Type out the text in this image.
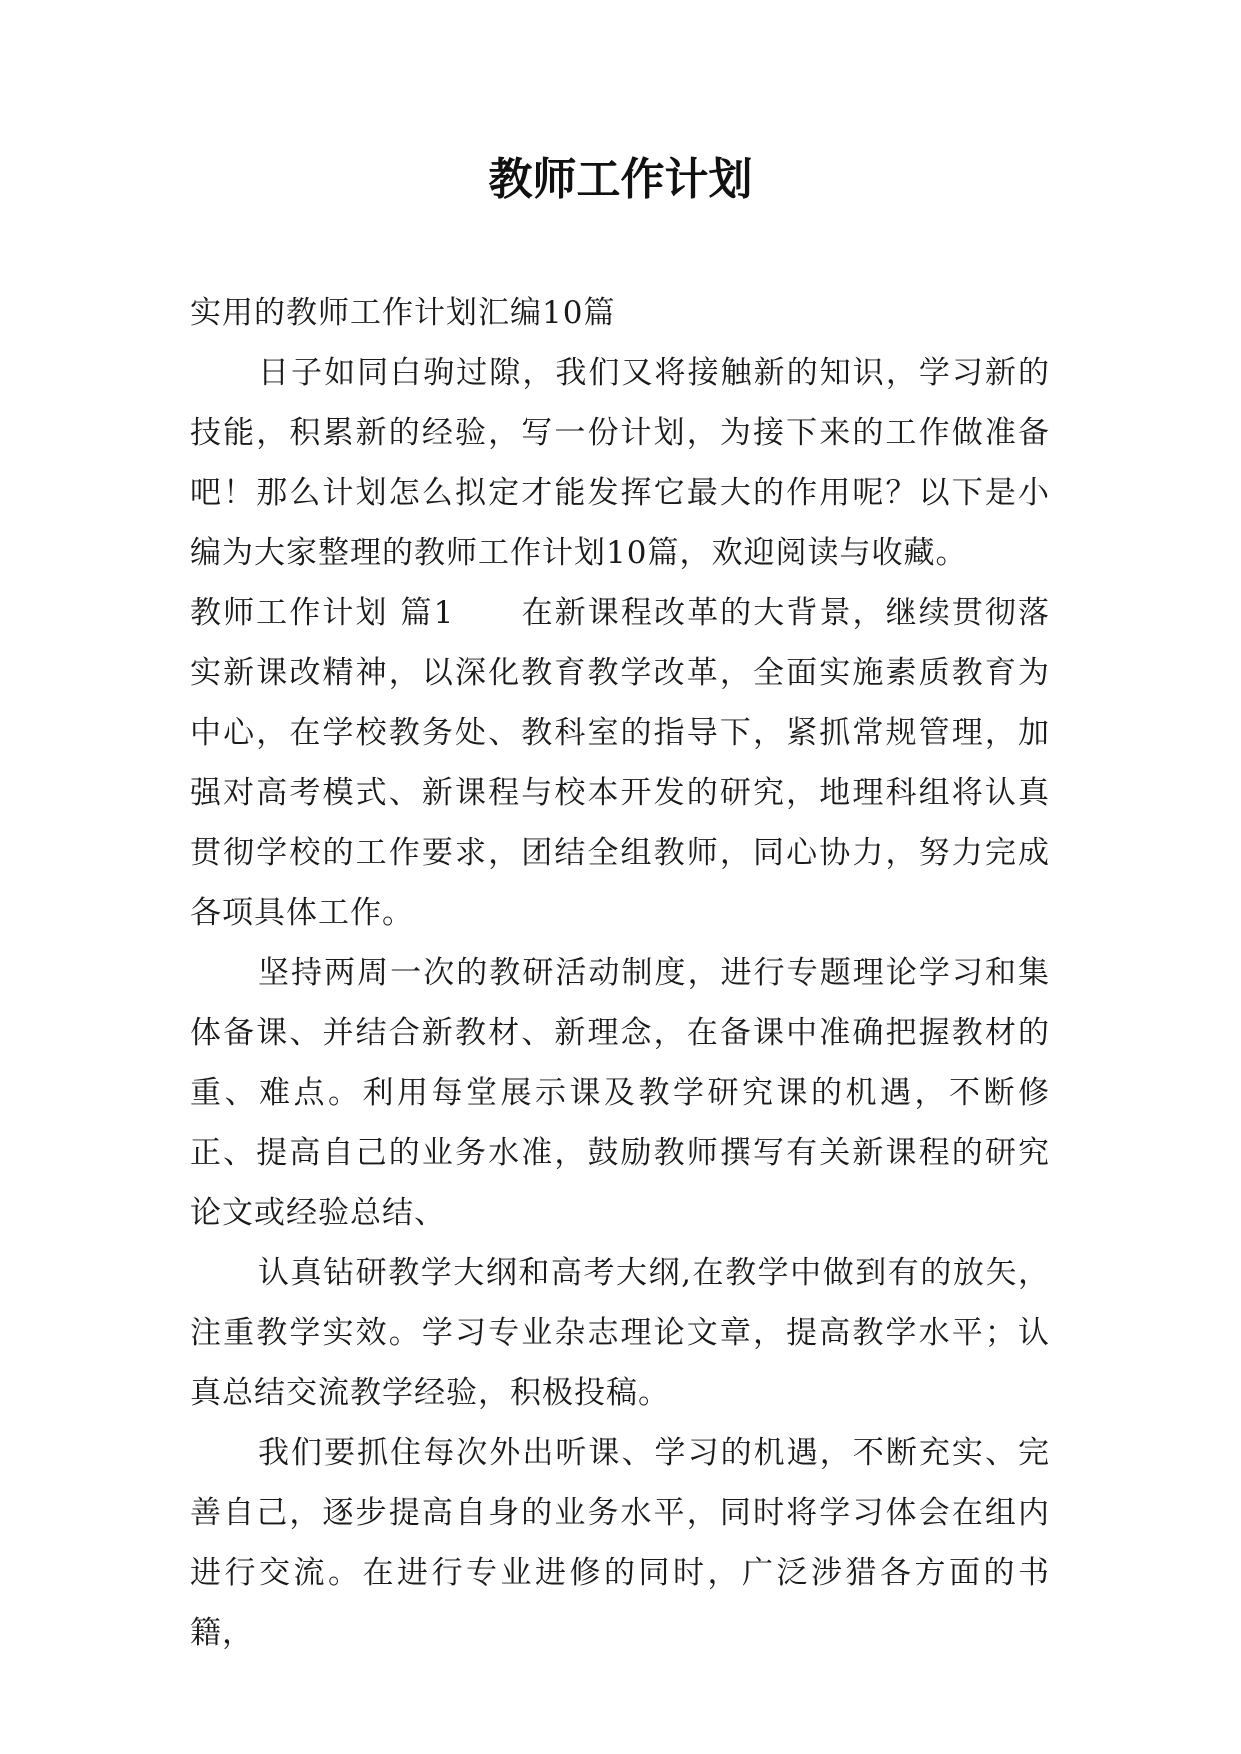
教师工作计划

实用的教师工作计划汇编10篇

日子如同白驹过隙，我们又将接触新的知识，学习新的技能，积累新的经验，写一份计划，为接下来的工作做准备吧！那么计划怎么拟定才能发挥它最大的作用呢？以下是小编为大家整理的教师工作计划10篇，欢迎阅读与收藏。

教师工作计划 篇1　　在新课程改革的大背景，继续贯彻落实新课改精神，以深化教育教学改革，全面实施素质教育为中心，在学校教务处、教科室的指导下，紧抓常规管理，加强对高考模式、新课程与校本开发的研究，地理科组将认真贯彻学校的工作要求，团结全组教师，同心协力，努力完成各项具体工作。

坚持两周一次的教研活动制度，进行专题理论学习和集体备课、并结合新教材、新理念，在备课中准确把握教材的重、难点。利用每堂展示课及教学研究课的机遇，不断修正、提高自己的业务水准，鼓励教师撰写有关新课程的研究论文或经验总结、

认真钻研教学大纲和高考大纲,在教学中做到有的放矢，注重教学实效。学习专业杂志理论文章，提高教学水平；认真总结交流教学经验，积极投稿。

我们要抓住每次外出听课、学习的机遇，不断充实、完善自己，逐步提高自身的业务水平，同时将学习体会在组内进行交流。在进行专业进修的同时，广泛涉猎各方面的书籍，
